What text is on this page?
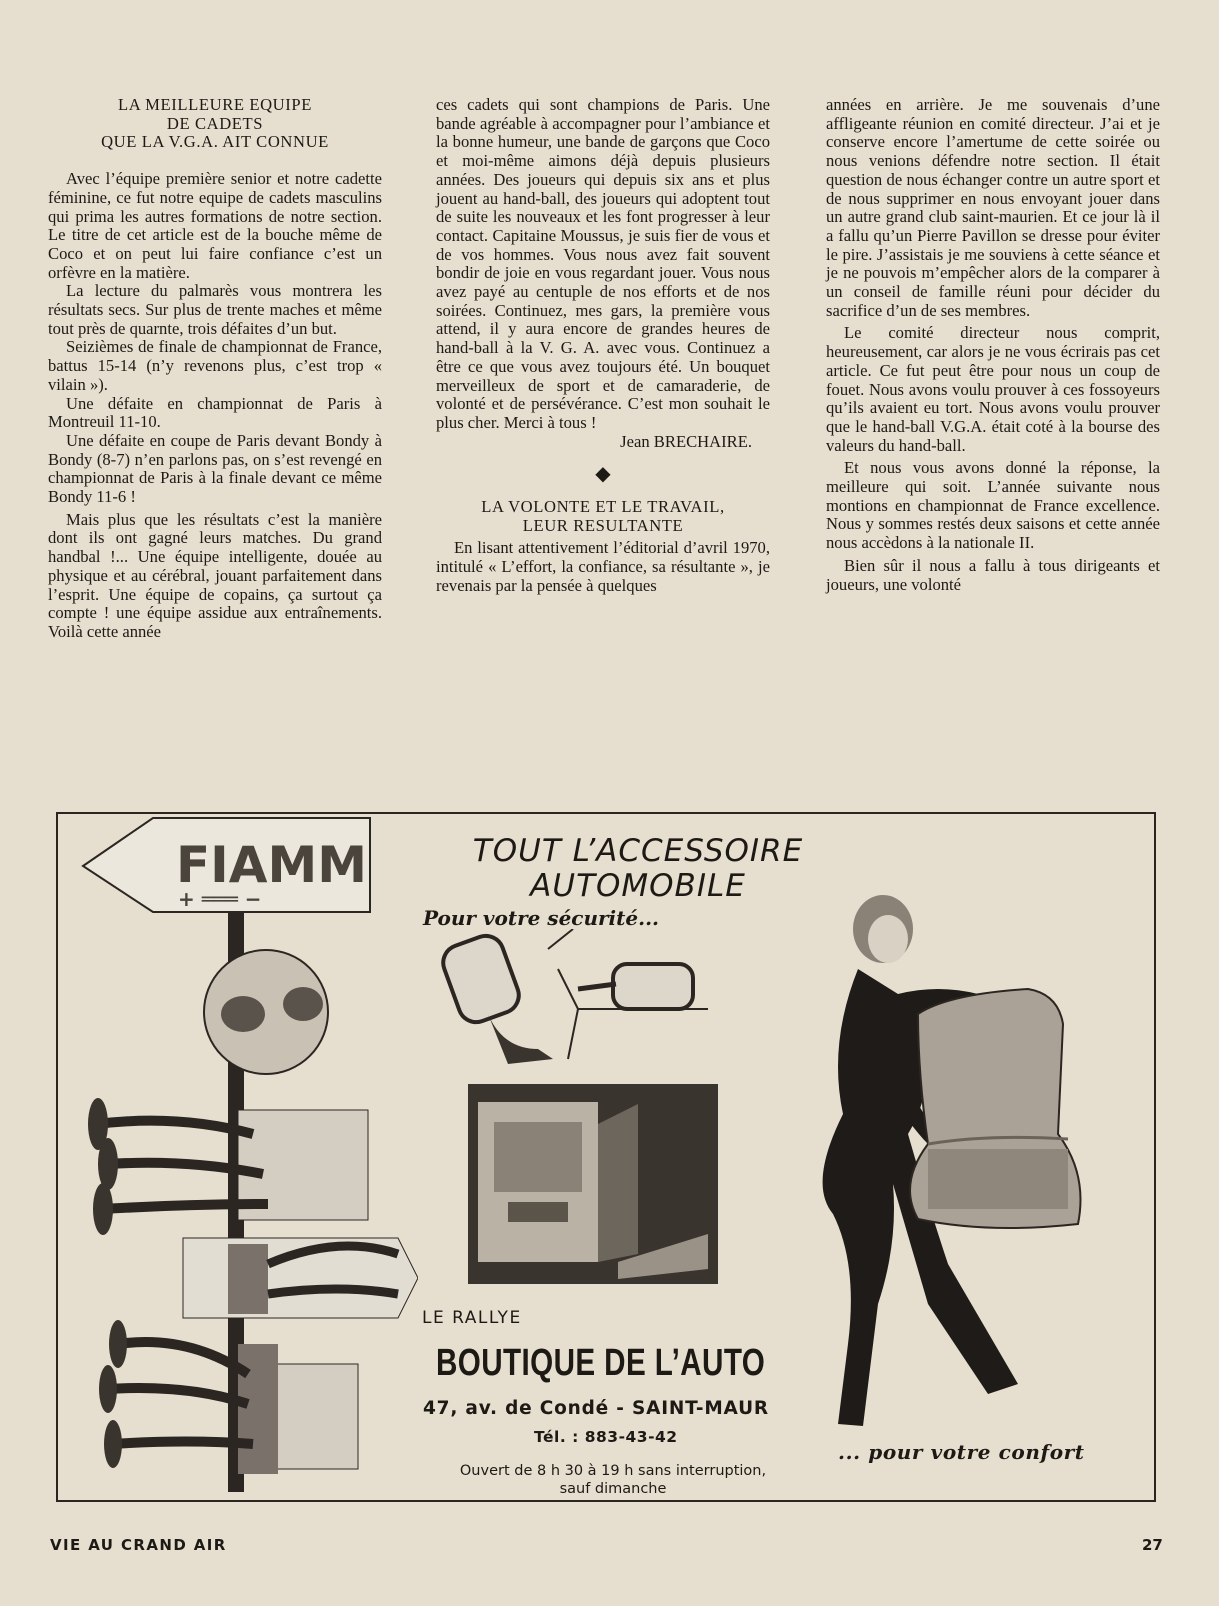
LA MEILLEURE EQUIPE
DE CADETS
QUE LA V.G.A. AIT CONNUE

Avec l’équipe première senior et notre cadette féminine, ce fut notre equipe de cadets masculins qui prima les autres formations de notre section. Le titre de cet article est de la bouche même de Coco et on peut lui faire confiance c’est un orfèvre en la matière.

La lecture du palmarès vous montrera les résultats secs. Sur plus de trente maches et même tout près de quarnte, trois défaites d’un but.

Seizièmes de finale de championnat de France, battus 15-14 (n’y revenons plus, c’est trop « vilain »).

Une défaite en championnat de Paris à Montreuil 11-10.

Une défaite en coupe de Paris devant Bondy à Bondy (8-7) n’en parlons pas, on s’est revengé en championnat de Paris à la finale devant ce même Bondy 11-6 !

Mais plus que les résultats c’est la manière dont ils ont gagné leurs matches. Du grand handbal !... Une équipe intelligente, douée au physique et au cérébral, jouant parfaitement dans l’esprit. Une équipe de copains, ça surtout ça compte ! une équipe assidue aux entraînements. Voilà cette année

ces cadets qui sont champions de Paris. Une bande agréable à accompagner pour l’ambiance et la bonne humeur, une bande de garçons que Coco et moi-même aimons déjà depuis plusieurs années. Des joueurs qui depuis six ans et plus jouent au hand-ball, des joueurs qui adoptent tout de suite les nouveaux et les font progresser à leur contact. Capitaine Moussus, je suis fier de vous et de vos hommes. Vous nous avez fait souvent bondir de joie en vous regardant jouer. Vous nous avez payé au centuple de nos efforts et de nos soirées. Continuez, mes gars, la première vous attend, il y aura encore de grandes heures de hand-ball à la V. G. A. avec vous. Continuez a être ce que vous avez toujours été. Un bouquet merveilleux de sport et de camaraderie, de volonté et de persévérance. C’est mon souhait le plus cher. Merci à tous !

Jean BRECHAIRE.

◆
LA VOLONTE ET LE TRAVAIL,
LEUR RESULTANTE

En lisant attentivement l’éditorial d’avril 1970, intitulé « L’effort, la confiance, sa résultante », je revenais par la pensée à quelques

années en arrière. Je me souvenais d’une affligeante réunion en comité directeur. J’ai et je conserve encore l’amertume de cette soirée ou nous venions défendre notre section. Il était question de nous échanger contre un autre sport et de nous supprimer en nous envoyant jouer dans un autre grand club saint-maurien. Et ce jour là il a fallu qu’un Pierre Pavillon se dresse pour éviter le pire. J’assistais je me souviens à cette séance et je ne pouvois m’empêcher alors de la comparer à un conseil de famille réuni pour décider du sacrifice d’un de ses membres.

Le comité directeur nous comprit, heureusement, car alors je ne vous écrirais pas cet article. Ce fut peut être pour nous un coup de fouet. Nous avons voulu prouver à ces fossoyeurs qu’ils avaient eu tort. Nous avons voulu prouver que le hand-ball V.G.A. était coté à la bourse des valeurs du hand-ball.

Et nous vous avons donné la réponse, la meilleure qui soit. L’année suivante nous montions en championnat de France excellence. Nous y sommes restés deux saisons et cette année nous accèdons à la nationale II.

Bien sûr il nous a fallu à tous dirigeants et joueurs, une volonté

FIAMM
+ ═══ −
TOUT L’ACCESSOIRE
AUTOMOBILE
Pour votre sécurité...
LE RALLYE
BOUTIQUE DE L’AUTO
47, av. de Condé - SAINT-MAUR
Tél. : 883-43-42
Ouvert de 8 h 30 à 19 h sans interruption,
sauf dimanche
... pour votre confort
VIE AU CRAND AIR	27
